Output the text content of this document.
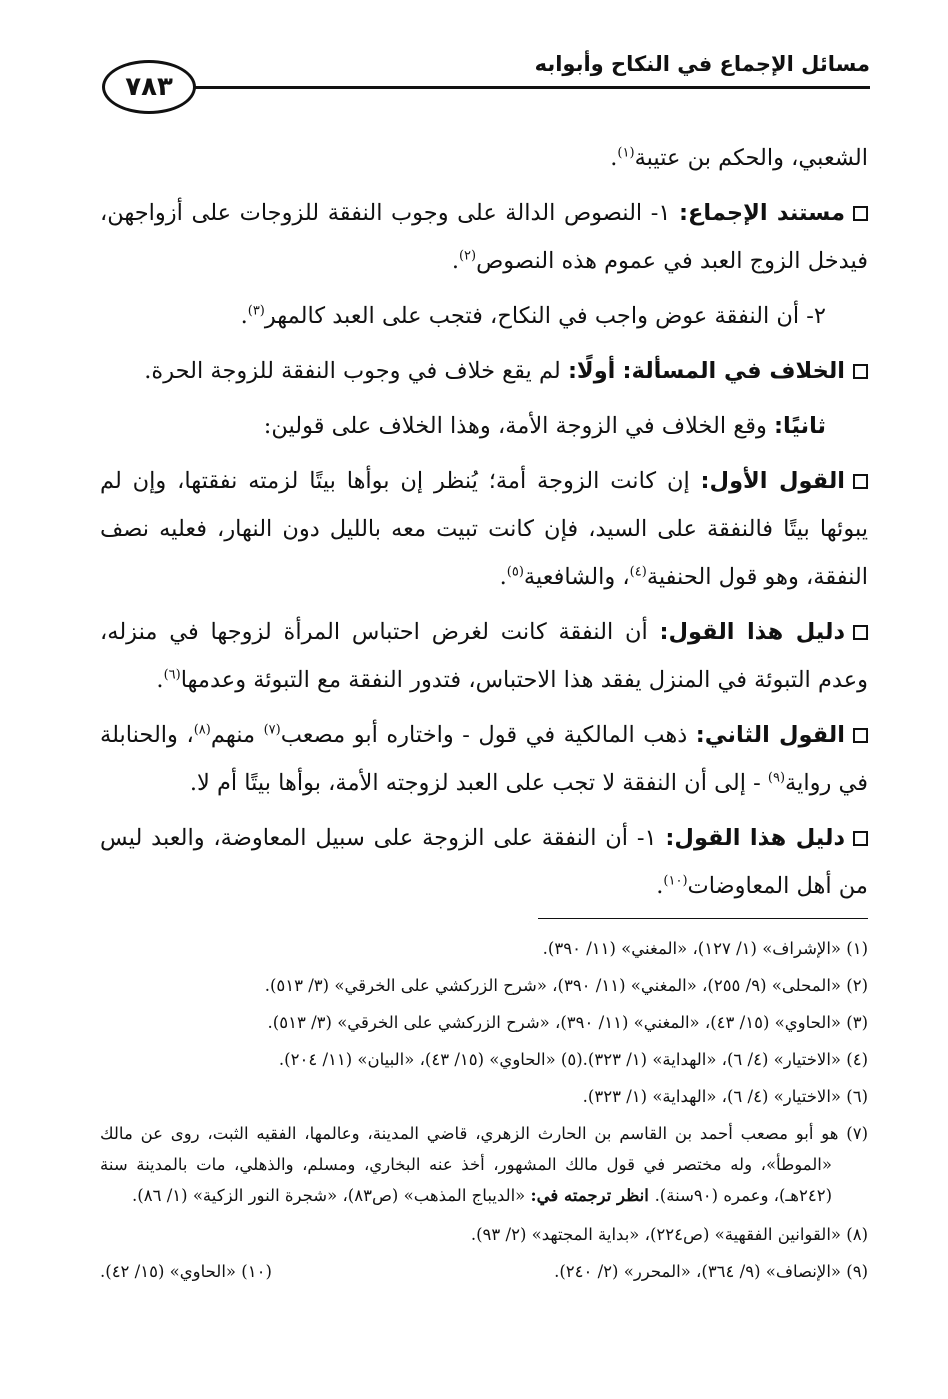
مسائل الإجماع في النكاح وأبوابه
٧٨٣

الشعبي، والحكم بن عتيبة$^{(١)}$.

مستند الإجماع: ١- النصوص الدالة على وجوب النفقة للزوجات على أزواجهن، فيدخل الزوج العبد في عموم هذه النصوص$^{(٢)}$.

٢- أن النفقة عوض واجب في النكاح، فتجب على العبد كالمهر$^{(٣)}$.

الخلاف في المسألة: أولًا: لم يقع خلاف في وجوب النفقة للزوجة الحرة.

ثانيًا: وقع الخلاف في الزوجة الأمة، وهذا الخلاف على قولين:

القول الأول: إن كانت الزوجة أمة؛ يُنظر إن بوأها بيتًا لزمته نفقتها، وإن لم يبوئها بيتًا فالنفقة على السيد، فإن كانت تبيت معه بالليل دون النهار، فعليه نصف النفقة، وهو قول الحنفية$^{(٤)}$، والشافعية$^{(٥)}$.

دليل هذا القول: أن النفقة كانت لغرض احتباس المرأة لزوجها في منزله، وعدم التبوئة في المنزل يفقد هذا الاحتباس، فتدور النفقة مع التبوئة وعدمها$^{(٦)}$.

القول الثاني: ذهب المالكية في قول - واختاره أبو مصعب$^{(٧)}$ منهم$^{(٨)}$، والحنابلة في رواية$^{(٩)}$ - إلى أن النفقة لا تجب على العبد لزوجته الأمة، بوأها بيتًا أم لا.

دليل هذا القول: ١- أن النفقة على الزوجة على سبيل المعاوضة، والعبد ليس من أهل المعاوضات$^{(١٠)}$.

(١) «الإشراف» (١/ ١٢٧)، «المغني» (١١/ ٣٩٠).

(٢) «المحلى» (٩/ ٢٥٥)، «المغني» (١١/ ٣٩٠)، «شرح الزركشي على الخرقي» (٣/ ٥١٣).

(٣) «الحاوي» (١٥/ ٤٣)، «المغني» (١١/ ٣٩٠)، «شرح الزركشي على الخرقي» (٣/ ٥١٣).

(٤) «الاختيار» (٤/ ٦)، «الهداية» (١/ ٣٢٣).(٥) «الحاوي» (١٥/ ٤٣)، «البيان» (١١/ ٢٠٤).

(٦) «الاختيار» (٤/ ٦)، «الهداية» (١/ ٣٢٣).

(٧) هو أبو مصعب أحمد بن القاسم بن الحارث الزهري، قاضي المدينة، وعالمها، الفقيه الثبت، روى عن مالك «الموطأ»، وله مختصر في قول مالك المشهور، أخذ عنه البخاري، ومسلم، والذهلي، مات بالمدينة سنة (٢٤٢هـ)، وعمره (٩٠سنة). انظر ترجمته في: «الديباج المذهب» (ص٨٣)، «شجرة النور الزكية» (١/ ٨٦).

(٨) «القوانين الفقهية» (ص٢٢٤)، «بداية المجتهد» (٢/ ٩٣).

(٩) «الإنصاف» (٩/ ٣٦٤)، «المحرر» (٢/ ٢٤٠).
(١٠) «الحاوي» (١٥/ ٤٢).
